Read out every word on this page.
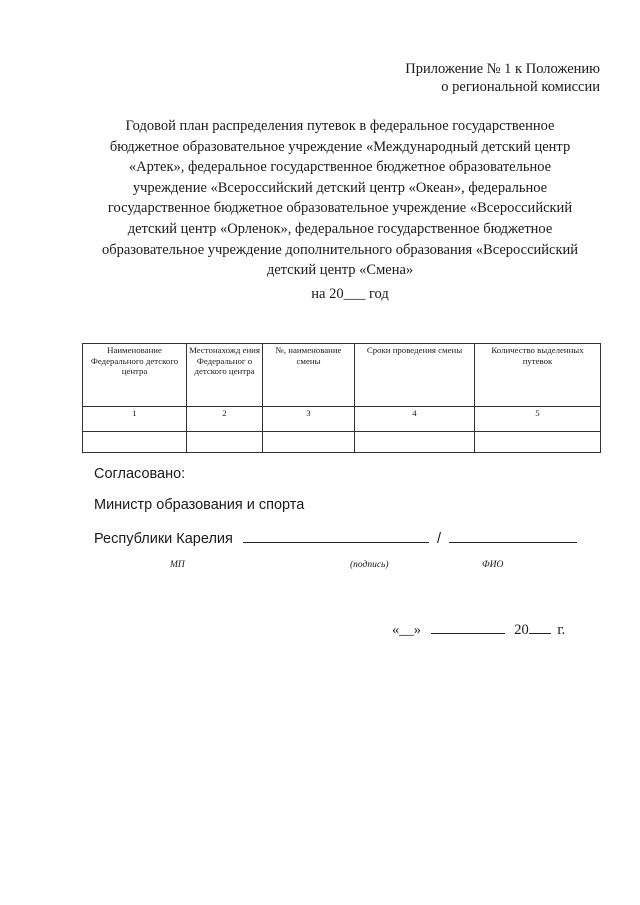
Приложение № 1 к Положению
о региональной комиссии
Годовой план распределения путевок в федеральное государственное
бюджетное образовательное учреждение «Международный детский центр
«Артек», федеральное государственное бюджетное образовательное
учреждение «Всероссийский детский центр «Океан», федеральное
государственное бюджетное образовательное учреждение «Всероссийский
детский центр «Орленок», федеральное государственное бюджетное
образовательное учреждение дополнительного образования «Всероссийский
детский центр «Смена»
на 20___ год
Наименование Федерального детского центра	Местонахожд ения Федеральног о детского центра	№, наименование смены	Сроки проведения смены	Количество выделенных путевок
1	2	3	4	5

Согласовано:
Министр образования и спорта
Республики Карелия	/
МП	(подпись)	ФИО
«__»	20 г.
